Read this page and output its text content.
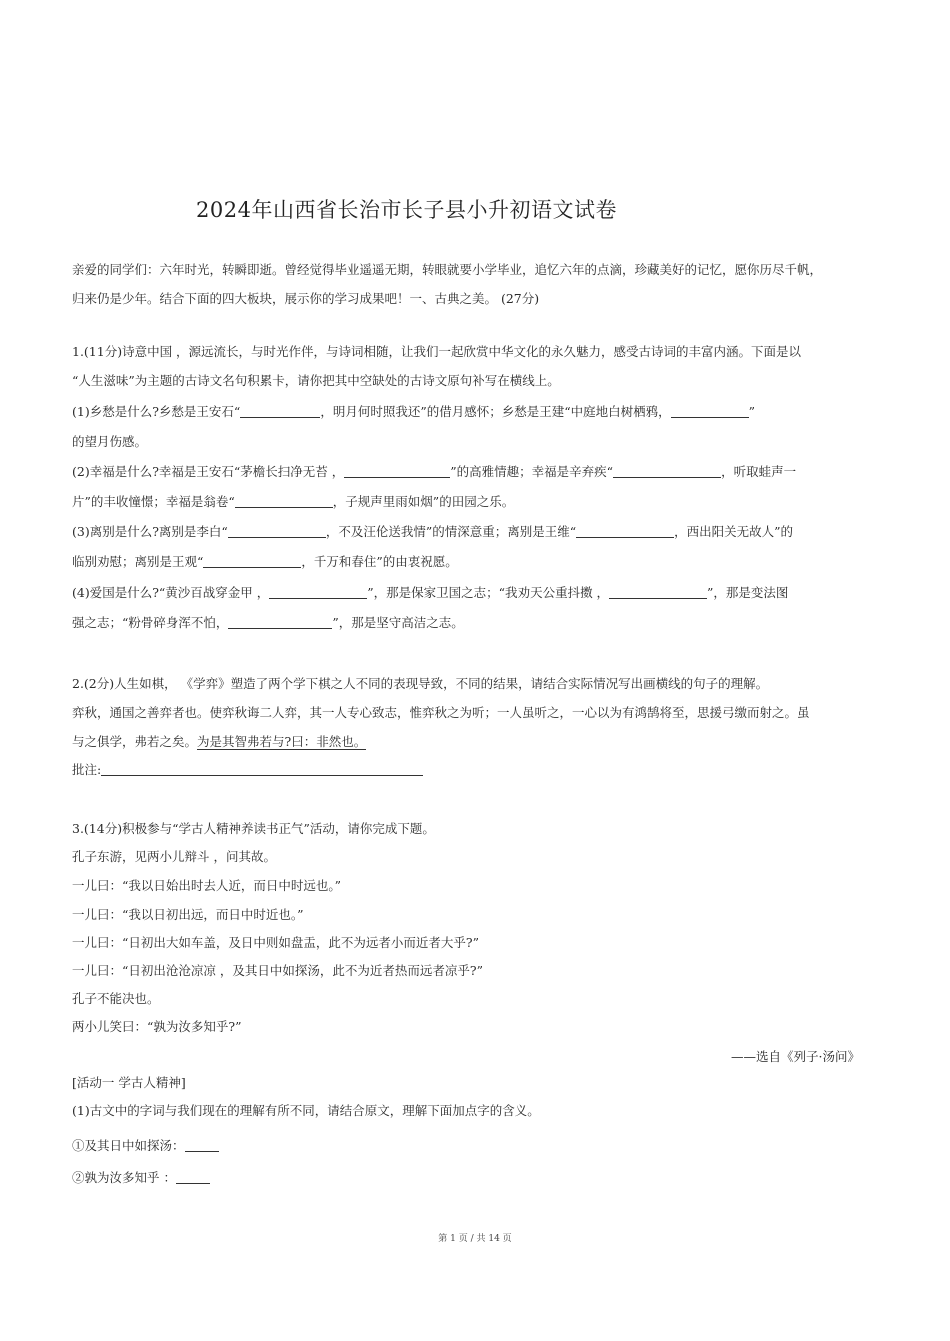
2024年山西省长治市长子县小升初语文试卷
亲爱的同学们：六年时光，转瞬即逝。曾经觉得毕业遥遥无期，转眼就要小学毕业，追忆六年的点滴，珍藏美好的记忆，愿你历尽千帆，
归来仍是少年。结合下面的四大板块，展示你的学习成果吧！一、古典之美。 (27分)
1.(11分)诗意中国 ，源远流长，与时光作伴，与诗词相随，让我们一起欣赏中华文化的永久魅力，感受古诗词的丰富内涵。下面是以
“人生滋味”为主题的古诗文名句积累卡，请你把其中空缺处的古诗文原句补写在横线上。
(1)乡愁是什么?乡愁是王安石“	，明月何时照我还”的借月感怀；乡愁是王建“中庭地白树栖鸦，	”
的望月伤感。
(2)幸福是什么?幸福是王安石“茅檐长扫净无苔 ，	”的高雅情趣；幸福是辛弃疾“	，听取蛙声一
片”的丰收憧憬；幸福是翁卷“	，子规声里雨如烟”的田园之乐。
(3)离别是什么?离别是李白“	，不及汪伦送我情”的情深意重；离别是王维“	，西出阳关无故人”的
临别劝慰；离别是王观“	，千万和春住”的由衷祝愿。
(4)爱国是什么?“黄沙百战穿金甲 ，	”，那是保家卫国之志；“我劝天公重抖擞 ，	”，那是变法图
强之志；“粉骨碎身浑不怕，	”，那是坚守高洁之志。
2.(2分)人生如棋， 《学弈》塑造了两个学下棋之人不同的表现导致，不同的结果，请结合实际情况写出画横线的句子的理解。
弈秋，通国之善弈者也。使弈秋诲二人弈，其一人专心致志，惟弈秋之为听；一人虽听之，一心以为有鸿鹄将至，思援弓缴而射之。虽
与之俱学，弗若之矣。为是其智弗若与?曰：非然也。
批注:
3.(14分)积极参与“学古人精神养读书正气”活动，请你完成下题。
孔子东游，见两小儿辩斗 ，问其故。
一儿曰：“我以日始出时去人近，而日中时远也。”
一儿曰：“我以日初出远，而日中时近也。”
一儿曰：“日初出大如车盖，及日中则如盘盂，此不为远者小而近者大乎?”
一儿曰：“日初出沧沧凉凉 ，及其日中如探汤，此不为近者热而远者凉乎?”
孔子不能决也。
两小儿笑曰：“孰为汝多知乎?”
——选自《列子·汤问》
[活动一 学古人精神]
(1)古文中的字词与我们现在的理解有所不同，请结合原文，理解下面加点字的含义。
①及其日中如探汤：
②孰为汝多知乎 ：
第 1 页 / 共 14 页
